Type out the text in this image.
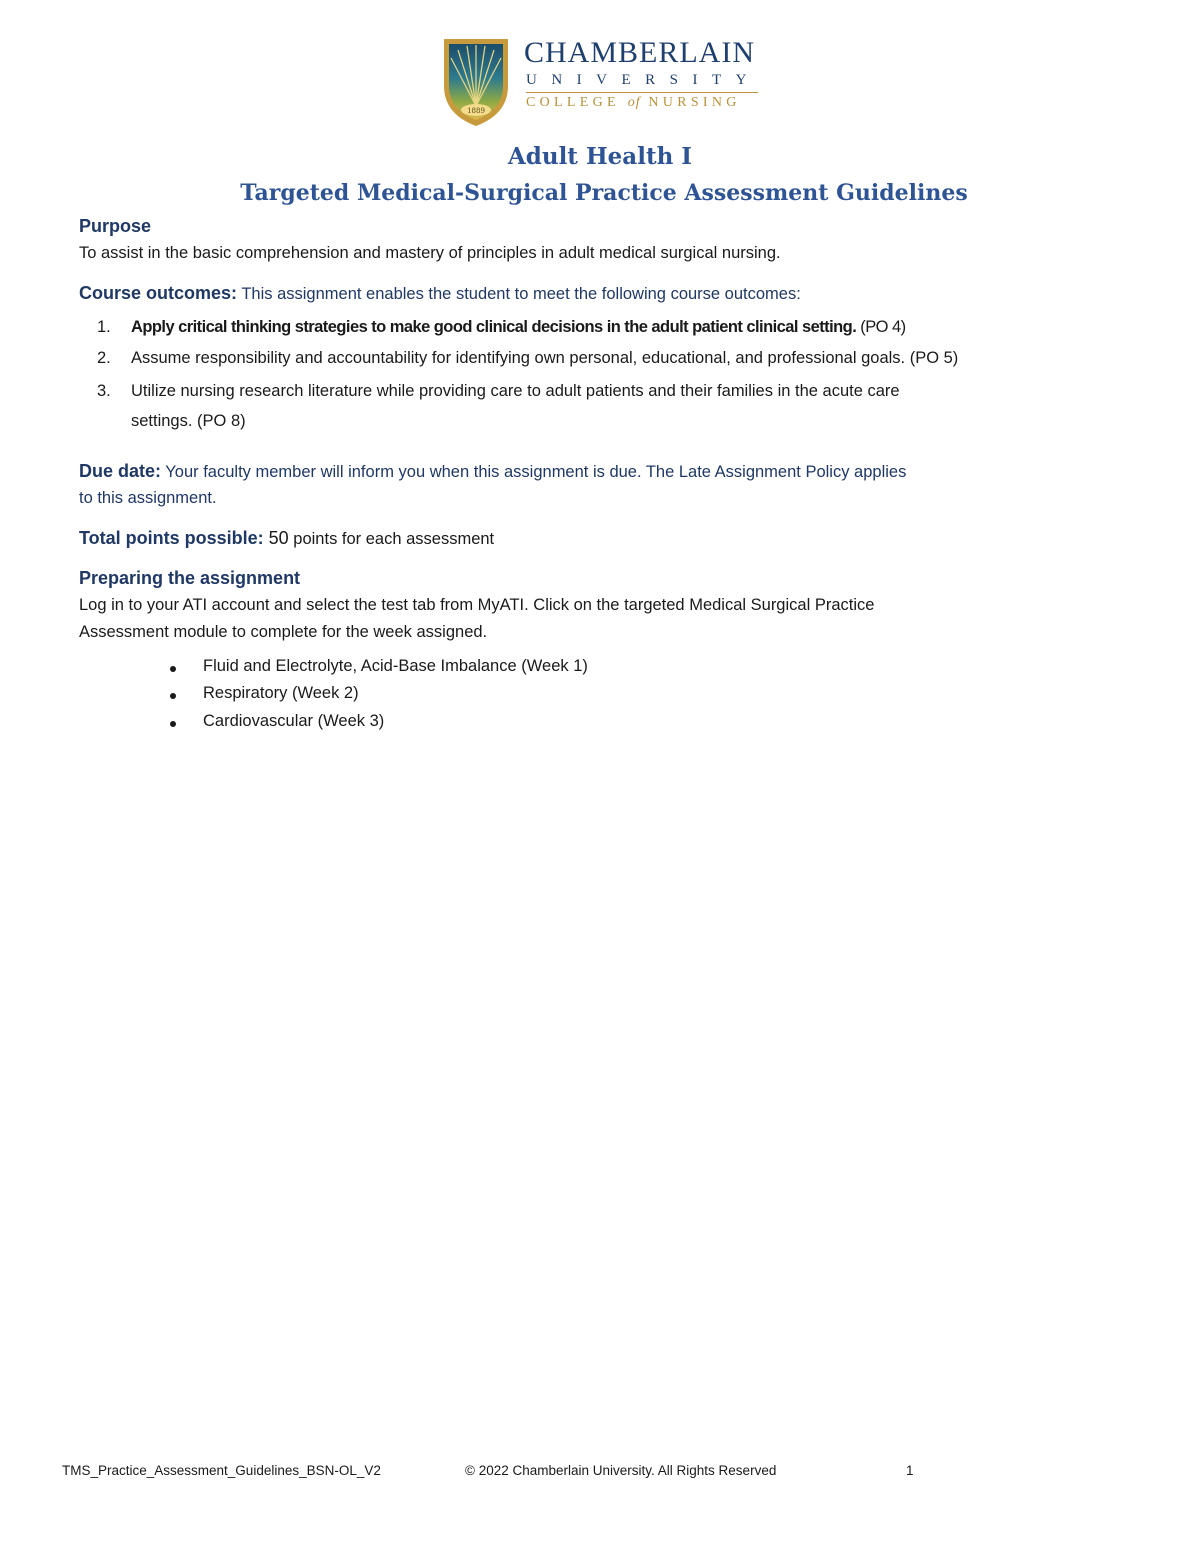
1889
CHAMBERLAIN
UNIVERSITY
COLLEGE of NURSING
Adult Health I
Targeted Medical-Surgical Practice Assessment Guidelines
Purpose
To assist in the basic comprehension and mastery of principles in adult medical surgical nursing.
Course outcomes: This assignment enables the student to meet the following course outcomes:
1. Apply critical thinking strategies to make good clinical decisions in the adult patient clinical setting. (PO 4)
2. Assume responsibility and accountability for identifying own personal, educational, and professional goals. (PO 5)
3. Utilize nursing research literature while providing care to adult patients and their families in the acute care
settings. (PO 8)
Due date: Your faculty member will inform you when this assignment is due. The Late Assignment Policy applies
to this assignment.
Total points possible: 50 points for each assessment
Preparing the assignment
Log in to your ATI account and select the test tab from MyATI. Click on the targeted Medical Surgical Practice
Assessment module to complete for the week assigned.
Fluid and Electrolyte, Acid-Base Imbalance (Week 1)
Respiratory (Week 2)
Cardiovascular (Week 3)
TMS_Practice_Assessment_Guidelines_BSN-OL_V2	© 2022 Chamberlain University. All Rights Reserved	1
